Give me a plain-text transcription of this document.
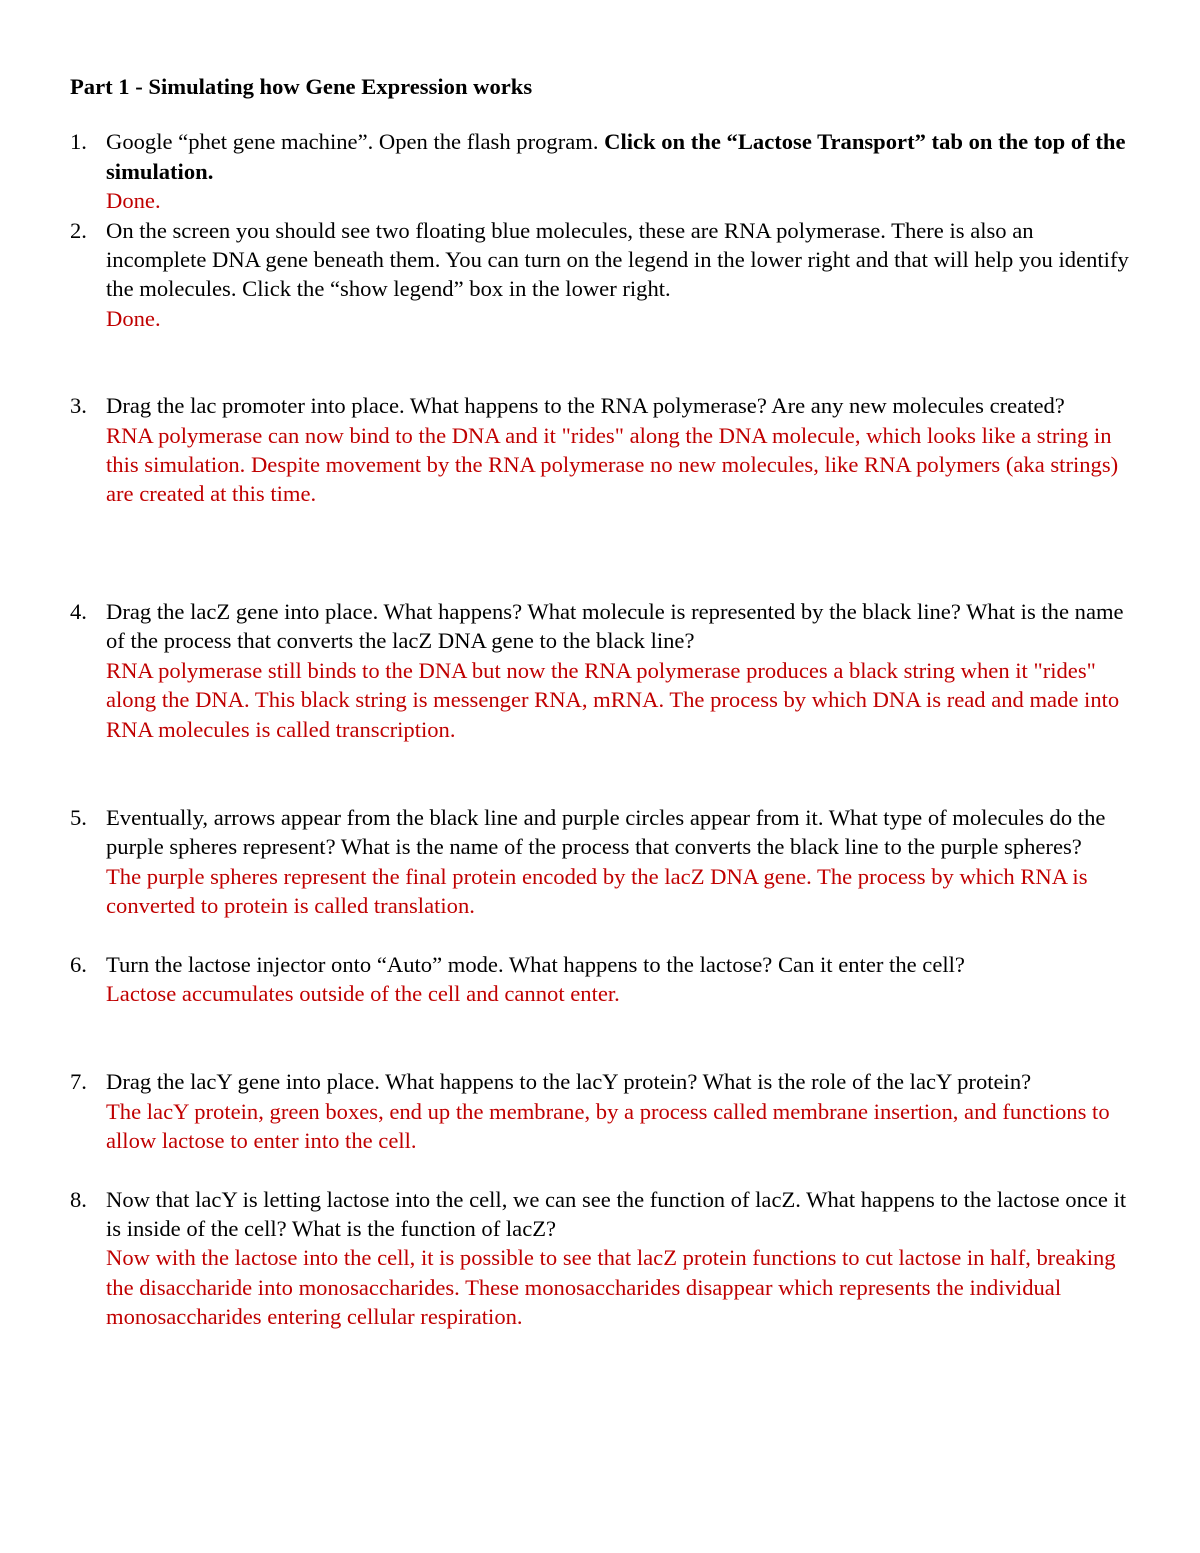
Part 1 - Simulating how Gene Expression works
1. Google “phet gene machine”. Open the flash program. Click on the “Lactose Transport” tab on the top of the simulation.
Done.
2. On the screen you should see two floating blue molecules, these are RNA polymerase. There is also an incomplete DNA gene beneath them. You can turn on the legend in the lower right and that will help you identify the molecules. Click the “show legend” box in the lower right.
Done.
3. Drag the lac promoter into place. What happens to the RNA polymerase? Are any new molecules created?
RNA polymerase can now bind to the DNA and it "rides" along the DNA molecule, which looks like a string in this simulation. Despite movement by the RNA polymerase no new molecules, like RNA polymers (aka strings) are created at this time.
4. Drag the lacZ gene into place. What happens? What molecule is represented by the black line? What is the name of the process that converts the lacZ DNA gene to the black line?
RNA polymerase still binds to the DNA but now the RNA polymerase produces a black string when it "rides" along the DNA. This black string is messenger RNA, mRNA. The process by which DNA is read and made into RNA molecules is called transcription.
5. Eventually, arrows appear from the black line and purple circles appear from it. What type of molecules do the purple spheres represent? What is the name of the process that converts the black line to the purple spheres?
The purple spheres represent the final protein encoded by the lacZ DNA gene. The process by which RNA is converted to protein is called translation.
6. Turn the lactose injector onto “Auto” mode. What happens to the lactose? Can it enter the cell?
Lactose accumulates outside of the cell and cannot enter.
7. Drag the lacY gene into place. What happens to the lacY protein? What is the role of the lacY protein?
The lacY protein, green boxes, end up the membrane, by a process called membrane insertion, and functions to allow lactose to enter into the cell.
8. Now that lacY is letting lactose into the cell, we can see the function of lacZ. What happens to the lactose once it is inside of the cell? What is the function of lacZ?
Now with the lactose into the cell, it is possible to see that lacZ protein functions to cut lactose in half, breaking the disaccharide into monosaccharides. These monosaccharides disappear which represents the individual monosaccharides entering cellular respiration.
